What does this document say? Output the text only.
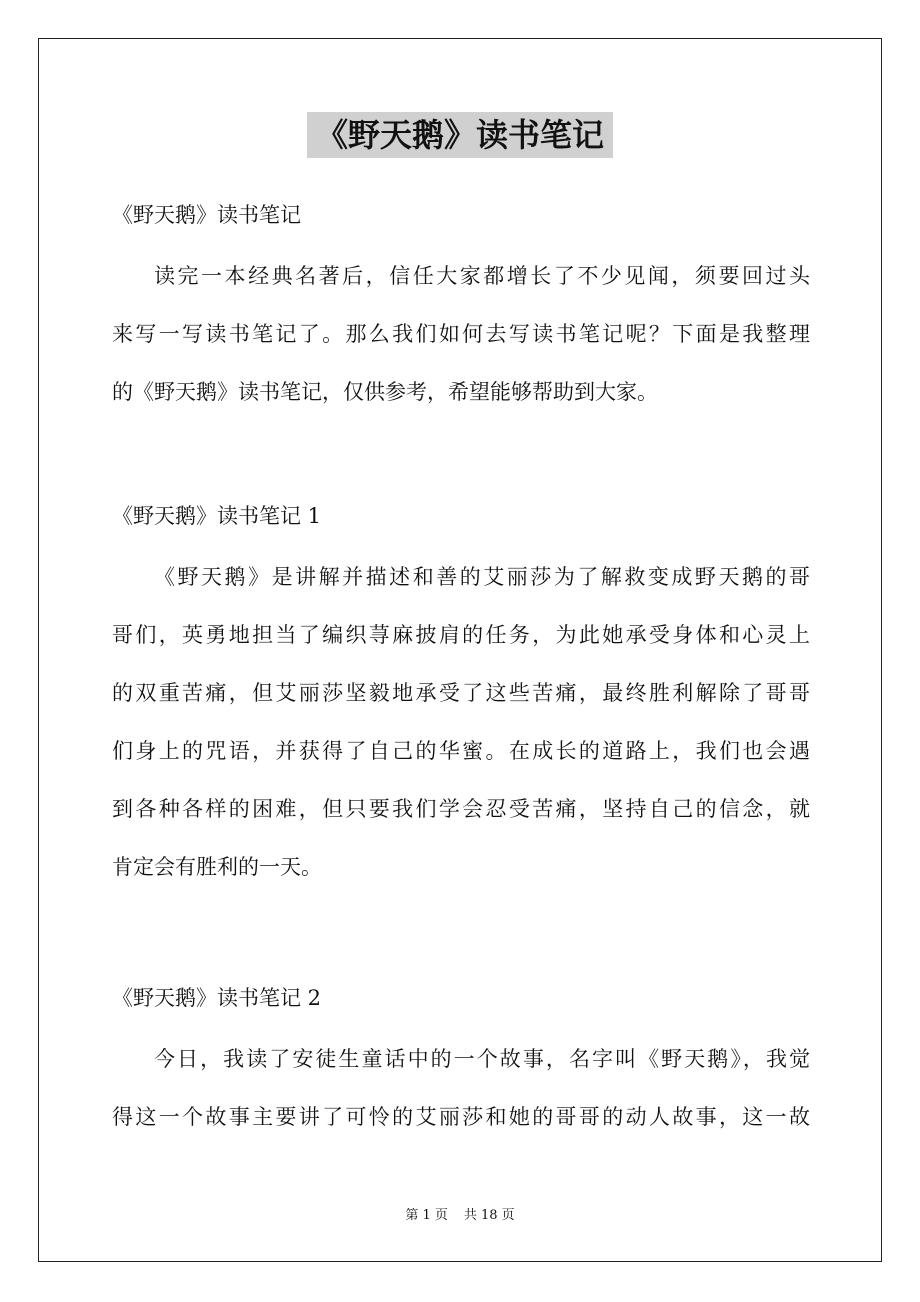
《野天鹅》读书笔记
《野天鹅》读书笔记
读完一本经典名著后，信任大家都增长了不少见闻，须要回过头
来写一写读书笔记了。那么我们如何去写读书笔记呢？下面是我整理
的《野天鹅》读书笔记，仅供参考，希望能够帮助到大家。
《野天鹅》读书笔记 1
《野天鹅》是讲解并描述和善的艾丽莎为了解救变成野天鹅的哥
哥们，英勇地担当了编织荨麻披肩的任务，为此她承受身体和心灵上
的双重苦痛，但艾丽莎坚毅地承受了这些苦痛，最终胜利解除了哥哥
们身上的咒语，并获得了自己的华蜜。在成长的道路上，我们也会遇
到各种各样的困难，但只要我们学会忍受苦痛，坚持自己的信念，就
肯定会有胜利的一天。
《野天鹅》读书笔记 2
今日，我读了安徒生童话中的一个故事，名字叫《野天鹅》，我觉
得这一个故事主要讲了可怜的艾丽莎和她的哥哥的动人故事，这一故
第 1 页 共 18 页
